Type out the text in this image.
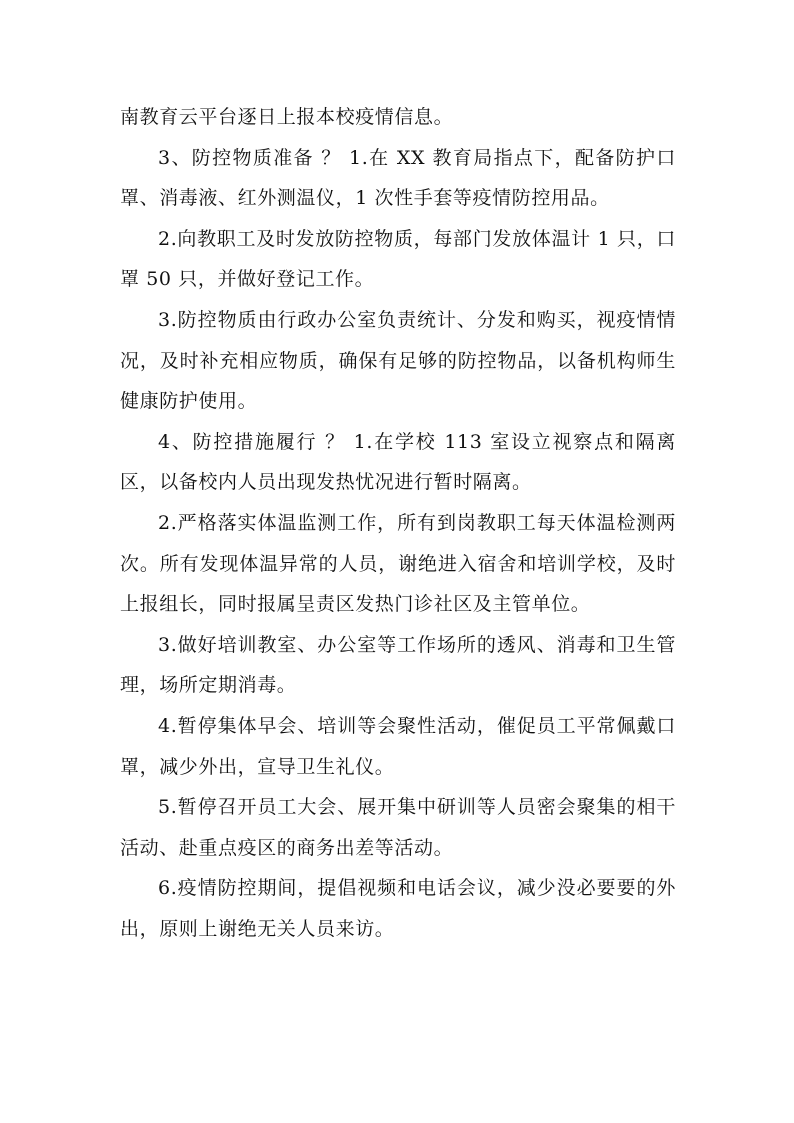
南教育云平台逐日上报本校疫情信息。

3、防控物质准备 ？ 1.在 XX 教育局指点下，配备防护口罩、消毒液、红外测温仪，1 次性手套等疫情防控用品。

2.向教职工及时发放防控物质，每部门发放体温计 1 只，口罩 50 只，并做好登记工作。

3.防控物质由行政办公室负责统计、分发和购买，视疫情情况，及时补充相应物质，确保有足够的防控物品，以备机构师生健康防护使用。

4、防控措施履行 ？ 1.在学校 113 室设立视察点和隔离区，以备校内人员出现发热忧况进行暂时隔离。

2.严格落实体温监测工作，所有到岗教职工每天体温检测两次。所有发现体温异常的人员，谢绝进入宿舍和培训学校，及时上报组长，同时报属呈责区发热门诊社区及主管单位。

3.做好培训教室、办公室等工作场所的透风、消毒和卫生管理，场所定期消毒。

4.暂停集体早会、培训等会聚性活动，催促员工平常佩戴口罩，减少外出，宣导卫生礼仪。

5.暂停召开员工大会、展开集中研训等人员密会聚集的相干活动、赴重点疫区的商务出差等活动。

6.疫情防控期间，提倡视频和电话会议，减少没必要要的外出，原则上谢绝无关人员来访。
